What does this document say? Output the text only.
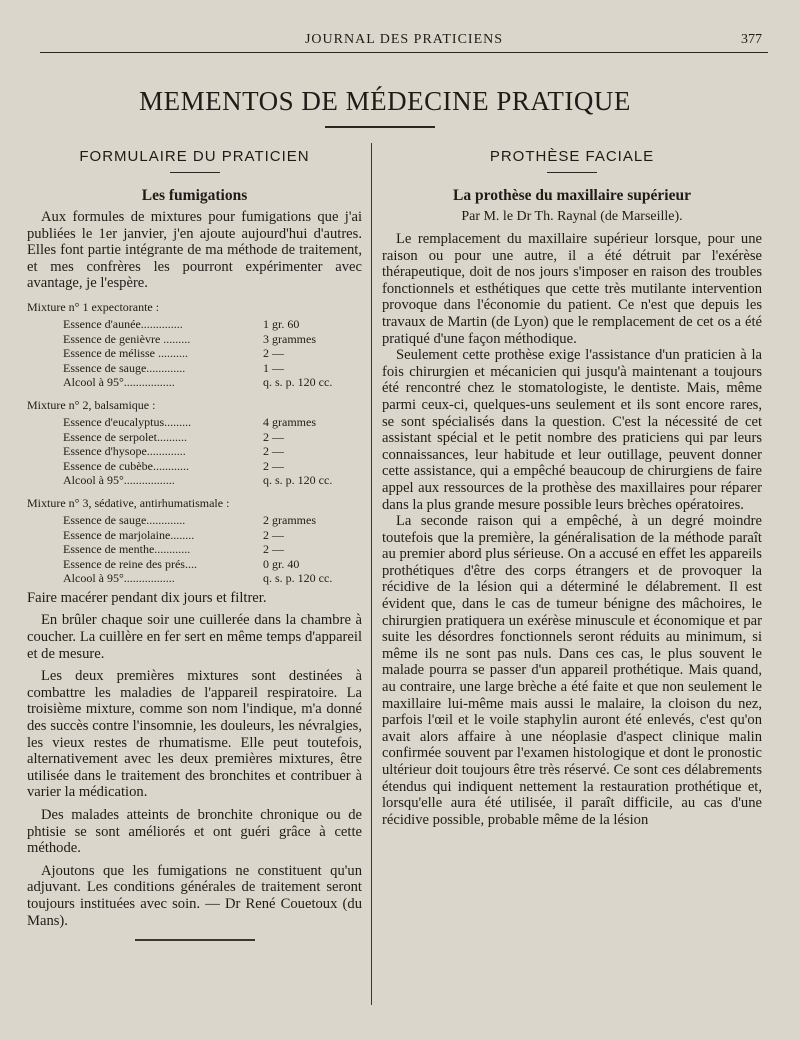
JOURNAL DES PRATICIENS	377
MEMENTOS DE MÉDECINE PRATIQUE
FORMULAIRE DU PRATICIEN
Les fumigations

Aux formules de mixtures pour fumigations que j'ai publiées le 1er janvier, j'en ajoute aujourd'hui d'autres. Elles font partie intégrante de ma méthode de traitement, et mes confrères les pourront expérimenter avec avantage, je l'espère.

Mixture n° 1 expectorante :
Essence d'aunée..............	1 gr. 60
Essence de genièvre .........	3 grammes
Essence de mélisse ..........	2 —
Essence de sauge.............	1 —
Alcool à 95°.................	q. s. p. 120 cc.
Mixture n° 2, balsamique :
Essence d'eucalyptus.........	4 grammes
Essence de serpolet..........	2 —
Essence d'hysope.............	2 —
Essence de cubèbe............	2 —
Alcool à 95°.................	q. s. p. 120 cc.
Mixture n° 3, sédative, antirhumatismale :
Essence de sauge.............	2 grammes
Essence de marjolaine........	2 —
Essence de menthe............	2 —
Essence de reine des prés....	0 gr. 40
Alcool à 95°.................	q. s. p. 120 cc.

Faire macérer pendant dix jours et filtrer.

En brûler chaque soir une cuillerée dans la chambre à coucher. La cuillère en fer sert en même temps d'appareil et de mesure.

Les deux premières mixtures sont destinées à combattre les maladies de l'appareil respiratoire. La troisième mixture, comme son nom l'indique, m'a donné des succès contre l'insomnie, les douleurs, les névralgies, les vieux restes de rhumatisme. Elle peut toutefois, alternativement avec les deux premières mixtures, être utilisée dans le traitement des bronchites et contribuer à varier la médication.

Des malades atteints de bronchite chronique ou de phtisie se sont améliorés et ont guéri grâce à cette méthode.

Ajoutons que les fumigations ne constituent qu'un adjuvant. Les conditions générales de traitement seront toujours instituées avec soin. — Dr René Couetoux (du Mans).

PROTHÈSE FACIALE
La prothèse du maxillaire supérieur
Par M. le Dr Th. Raynal (de Marseille).

Le remplacement du maxillaire supérieur lorsque, pour une raison ou pour une autre, il a été détruit par l'exérèse thérapeutique, doit de nos jours s'imposer en raison des troubles fonctionnels et esthétiques que cette très mutilante intervention provoque dans l'économie du patient. Ce n'est que depuis les travaux de Martin (de Lyon) que le remplacement de cet os a été pratiqué d'une façon méthodique.

Seulement cette prothèse exige l'assistance d'un praticien à la fois chirurgien et mécanicien qui jusqu'à maintenant a toujours été rencontré chez le stomatologiste, le dentiste. Mais, même parmi ceux-ci, quelques-uns seulement et ils sont encore rares, se sont spécialisés dans la question. C'est la nécessité de cet assistant spécial et le petit nombre des praticiens qui par leurs connaissances, leur habitude et leur outillage, peuvent donner cette assistance, qui a empêché beaucoup de chirurgiens de faire appel aux ressources de la prothèse des maxillaires pour réparer dans la plus grande mesure possible leurs brèches opératoires.

La seconde raison qui a empêché, à un degré moindre toutefois que la première, la généralisation de la méthode paraît au premier abord plus sérieuse. On a accusé en effet les appareils prothétiques d'être des corps étrangers et de provoquer la récidive de la lésion qui a déterminé le délabrement. Il est évident que, dans le cas de tumeur bénigne des mâchoires, le chirurgien pratiquera un exérèse minuscule et économique et par suite les désordres fonctionnels seront réduits au minimum, si même ils ne sont pas nuls. Dans ces cas, le plus souvent le malade pourra se passer d'un appareil prothétique. Mais quand, au contraire, une large brèche a été faite et que non seulement le maxillaire lui-même mais aussi le malaire, la cloison du nez, parfois l'œil et le voile staphylin auront été enlevés, c'est qu'on avait alors affaire à une néoplasie d'aspect clinique malin confirmée souvent par l'examen histologique et dont le pronostic ultérieur doit toujours être très réservé. Ce sont ces délabrements étendus qui indiquent nettement la restauration prothétique et, lorsqu'elle aura été utilisée, il paraît difficile, au cas d'une récidive possible, probable même de la lésion
